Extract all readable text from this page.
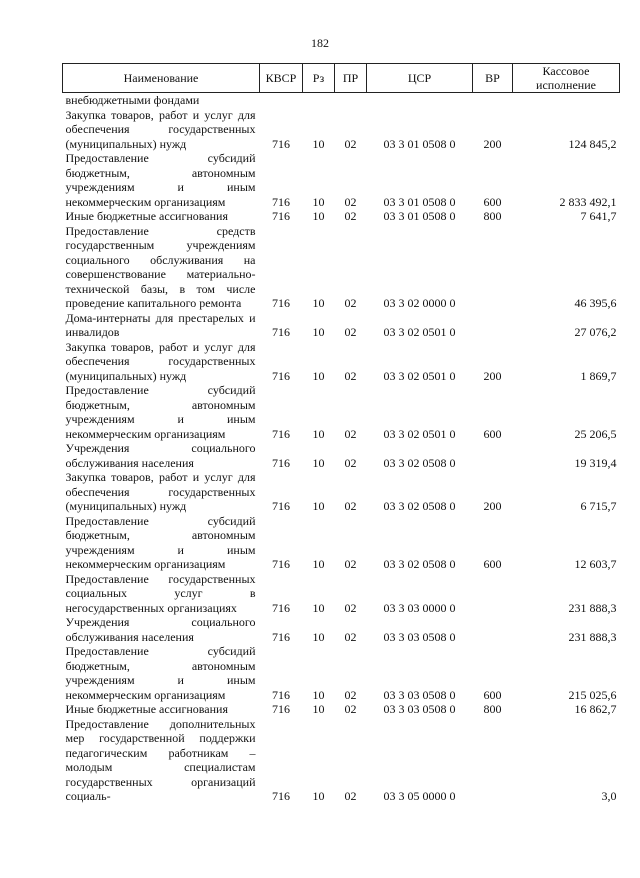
182
Наименование	КВСР	Рз	ПР	ЦСР	ВР	Кассовое исполнение
внебюджетными фондами						
Закупка товаров, работ и услуг для обеспечения государственных (муниципальных) нужд	716	10	02	03 3 01 0508 0	200	124 845,2
Предоставление субсидий бюджетным, автономным учреждениям и иным некоммерческим организациям	716	10	02	03 3 01 0508 0	600	2 833 492,1
Иные бюджетные ассигнования	716	10	02	03 3 01 0508 0	800	7 641,7
Предоставление средств государственным учреждениям социального обслуживания на совершенствование материально-технической базы, в том числе проведение капитального ремонта	716	10	02	03 3 02 0000 0		46 395,6
Дома-интернаты для престарелых и инвалидов	716	10	02	03 3 02 0501 0		27 076,2
Закупка товаров, работ и услуг для обеспечения государственных (муниципальных) нужд	716	10	02	03 3 02 0501 0	200	1 869,7
Предоставление субсидий бюджетным, автономным учреждениям и иным некоммерческим организациям	716	10	02	03 3 02 0501 0	600	25 206,5
Учреждения социального обслуживания населения	716	10	02	03 3 02 0508 0		19 319,4
Закупка товаров, работ и услуг для обеспечения государственных (муниципальных) нужд	716	10	02	03 3 02 0508 0	200	6 715,7
Предоставление субсидий бюджетным, автономным учреждениям и иным некоммерческим организациям	716	10	02	03 3 02 0508 0	600	12 603,7
Предоставление государственных социальных услуг в негосударственных организациях	716	10	02	03 3 03 0000 0		231 888,3
Учреждения социального обслуживания населения	716	10	02	03 3 03 0508 0		231 888,3
Предоставление субсидий бюджетным, автономным учреждениям и иным некоммерческим организациям	716	10	02	03 3 03 0508 0	600	215 025,6
Иные бюджетные ассигнования	716	10	02	03 3 03 0508 0	800	16 862,7
Предоставление дополнительных мер государственной поддержки педагогическим работникам – молодым специалистам государственных организаций социаль-	716	10	02	03 3 05 0000 0		3,0
